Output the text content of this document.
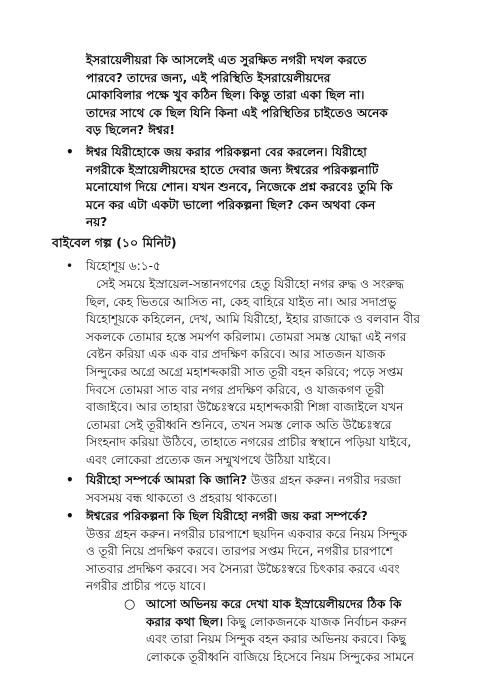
ইসরায়েলীয়রা কি আসলেই এত সুরক্ষিত নগরী দখল করতে

পারবে? তাদের জন্য, এই পরিস্থিতি ইসরায়েলীয়দের

মোকাবিলার পক্ষে খুব কঠিন ছিল। কিন্তু তারা একা ছিল না।

তাদের সাথে কে ছিল যিনি কিনা এই পরিস্থিতির চাইতেও অনেক

বড় ছিলেন? ঈশ্বর!

• ঈশ্বর যিরীহোকে জয় করার পরিকল্পনা বের করলেন। যিরীহো

নগরীকে ইস্রায়েলীয়দের হাতে দেবার জন্য ঈশ্বরের পরিকল্পনাটি

মনোযোগ দিয়ে শোন। যখন শুনবে, নিজেকে প্রশ্ন করবেঃ তুমি কি

মনে কর এটা একটা ভালো পরিকল্পনা ছিল? কেন অথবা কেন

নয়?

বাইবেল গল্প (১০ মিনিট)
• যিহোশূয় ৬:১-৫

সেই সময়ে ইস্রায়েল-সন্তানগণের হেতু যিরীহো নগর রুদ্ধ ও সংরুদ্ধ

ছিল, কেহ ভিতরে আসিত না, কেহ বাহিরে যাইত না। আর সদাপ্রভু

যিহোশূয়কে কহিলেন, দেখ, আমি যিরীহো, ইহার রাজাকে ও বলবান বীর

সকলকে তোমার হস্তে সমর্পণ করিলাম। তোমরা সমস্ত যোদ্ধা এই নগর

বেষ্টন করিয়া এক এক বার প্রদক্ষিণ করিবে। আর সাতজন যাজক

সিন্দুকের অগ্রে অগ্রে মহাশব্দকারী সাত তূরী বহন করিবে; পড়ে সপ্তম

দিবসে তোমরা সাত বার নগর প্রদক্ষিণ করিবে, ও যাজকগণ তূরী

বাজাইবে। আর তাহারা উচ্চৈঃস্বরে মহাশব্দকারী শিঙ্গা বাজাইলে যখন

তোমরা সেই তূরীধ্বনি শুনিবে, তখন সমস্ত লোক অতি উচ্চৈঃস্বরে

সিংহনাদ করিয়া উঠিবে, তাহাতে নগরের প্রাচীর স্বস্থানে পড়িয়া যাইবে,

এবং লোকেরা প্রত্যেক জন সম্মুখপথে উঠিয়া যাইবে।

• যিরীহো সম্পর্কে আমরা কি জানি? উত্তর গ্রহন করুন। নগরীর দরজা

সবসময় বন্ধ থাকতো ও প্রহরায় থাকতো।

• ঈশ্বরের পরিকল্পনা কি ছিল যিরীহো নগরী জয় করা সম্পর্কে?

উত্তর গ্রহন করুন। নগরীর চারপাশে ছয়দিন একবার করে নিয়ম সিন্দুক

ও তূরী নিয়ে প্রদক্ষিণ করবে। তারপর সপ্তম দিনে, নগরীর চারপাশে

সাতবার প্রদক্ষিণ করবে। সব সৈন্যরা উচ্চৈঃস্বরে চিৎকার করবে এবং

নগরীর প্রাচীর পড়ে যাবে।

○ আসো অভিনয় করে দেখা যাক ইস্রায়েলীয়দের ঠিক কি

করার কথা ছিল। কিছু লোকজনকে যাজক নির্বাচন করুন

এবং তারা নিয়ম সিন্দুক বহন করার অভিনয় করবে। কিছু

লোককে তূরীধ্বনি বাজিয়ে হিসেবে নিয়ম সিন্দুকের সামনে
